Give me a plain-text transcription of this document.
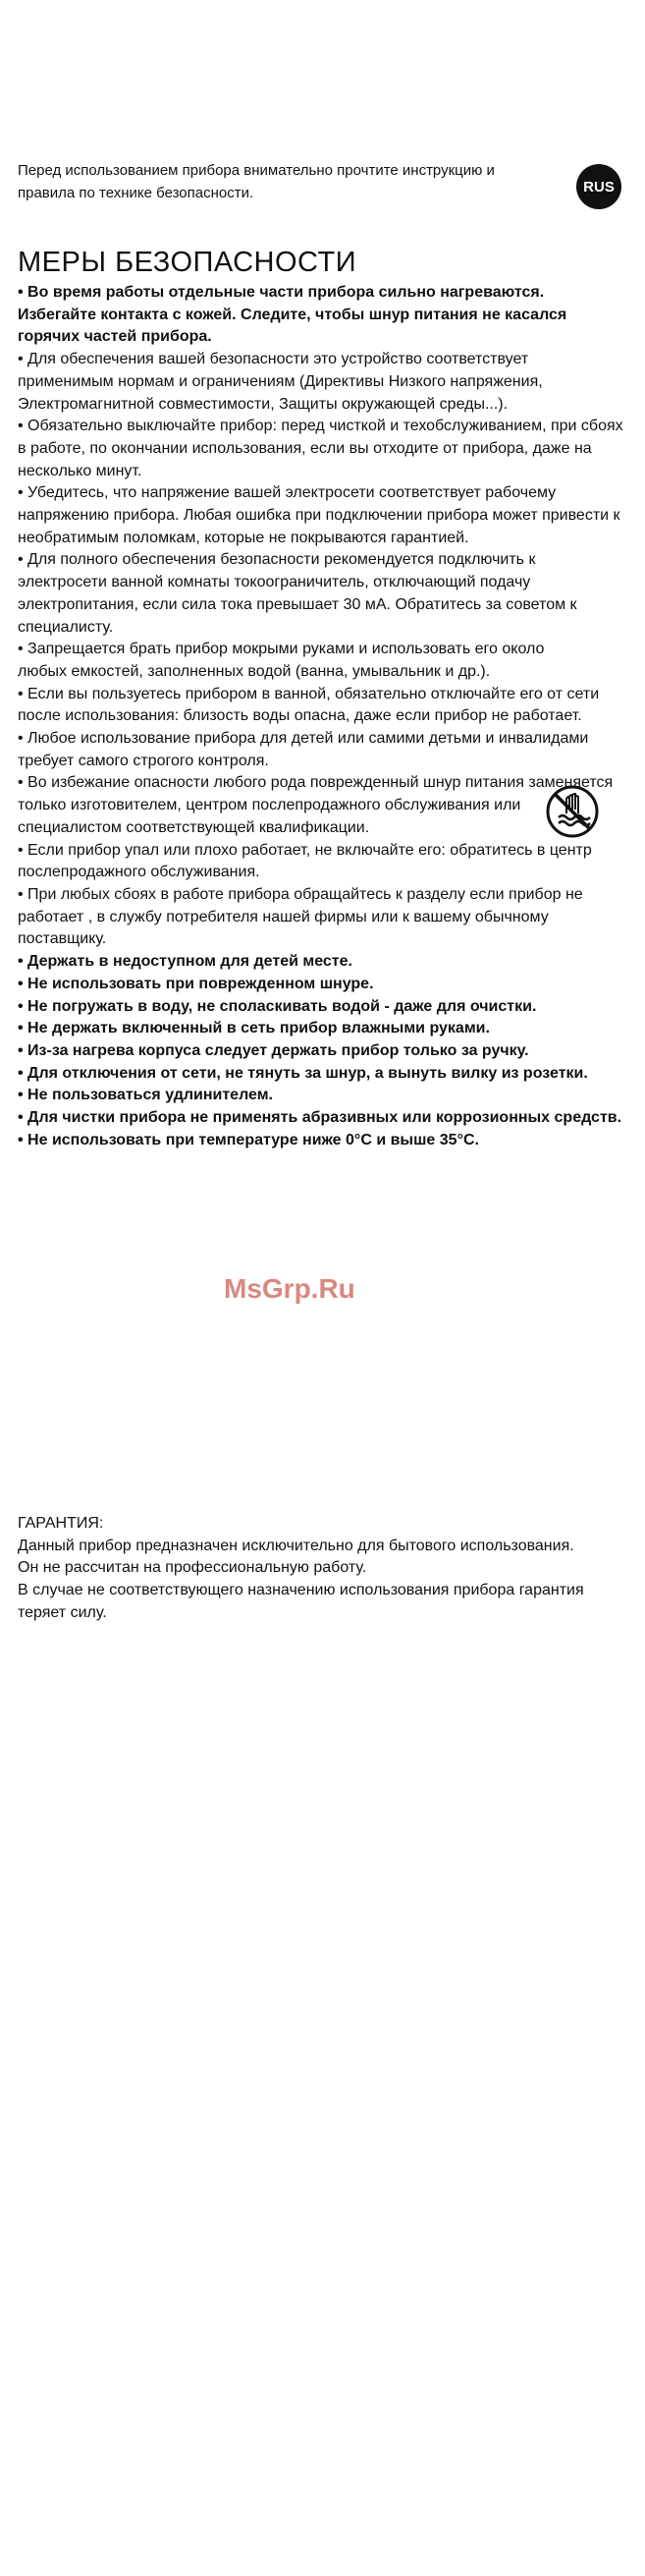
Перед использованием прибора внимательно прочтите инструкцию и правила по технике безопасности.	RUS
МЕРЫ БЕЗОПАСНОСТИ

• Во время работы отдельные части прибора сильно нагреваются. Избегайте контакта с кожей. Следите, чтобы шнур питания не касался горячих частей прибора.

• Для обеспечения вашей безопасности это устройство соответствует применимым нормам и ограничениям (Директивы Низкого напряжения, Электромагнитной совместимости, Защиты окружающей среды...).

• Обязательно выключайте прибор: перед чисткой и техобслуживанием, при сбоях в работе, по окончании использования, если вы отходите от прибора, даже на несколько минут.

• Убедитесь, что напряжение вашей электросети соответствует рабочему напряжению прибора. Любая ошибка при подключении прибора может привести к необратимым поломкам, которые не покрываются гарантией.

• Для полного обеспечения безопасности рекомендуется подключить к электросети ванной комнаты токоограничитель, отключающий подачу электропитания, если сила тока превышает 30 мА. Обратитесь за советом к специалисту.

• Запрещается брать прибор мокрыми руками и использовать его около любых емкостей, заполненных водой (ванна, умывальник и др.).

• Если вы пользуетесь прибором в ванной, обязательно отключайте его от сети после использования: близость воды опасна, даже если прибор не работает.

• Любое использование прибора для детей или самими детьми и инвалидами требует самого строгого контроля.

• Во избежание опасности любого рода поврежденный шнур питания заменяется только изготовителем, центром послепродажного обслуживания или специалистом соответствующей квалификации.

• Если прибор упал или плохо работает, не включайте его: обратитесь в центр послепродажного обслуживания.

• При любых сбоях в работе прибора обращайтесь к разделу если прибор не работает , в службу потребителя нашей фирмы или к вашему обычному поставщику.

• Держать в недоступном для детей месте.

• Не использовать при поврежденном шнуре.

• Не погружать в воду, не споласкивать водой - даже для очистки.

• Не держать включенный в сеть прибор влажными руками.

• Из-за нагрева корпуса следует держать прибор только за ручку.

• Для отключения от сети, не тянуть за шнур, а вынуть вилку из розетки.

• Не пользоваться удлинителем.

• Для чистки прибора не применять абразивных или коррозионных средств.

• Не использовать при температуре ниже 0°C и выше 35°C.

ГАРАНТИЯ:

Данный прибор предназначен исключительно для бытового использования.

Он не рассчитан на профессиональную работу.

В случае не соответствующего назначению использования прибора гарантия теряет силу.

MsGrp.Ru
